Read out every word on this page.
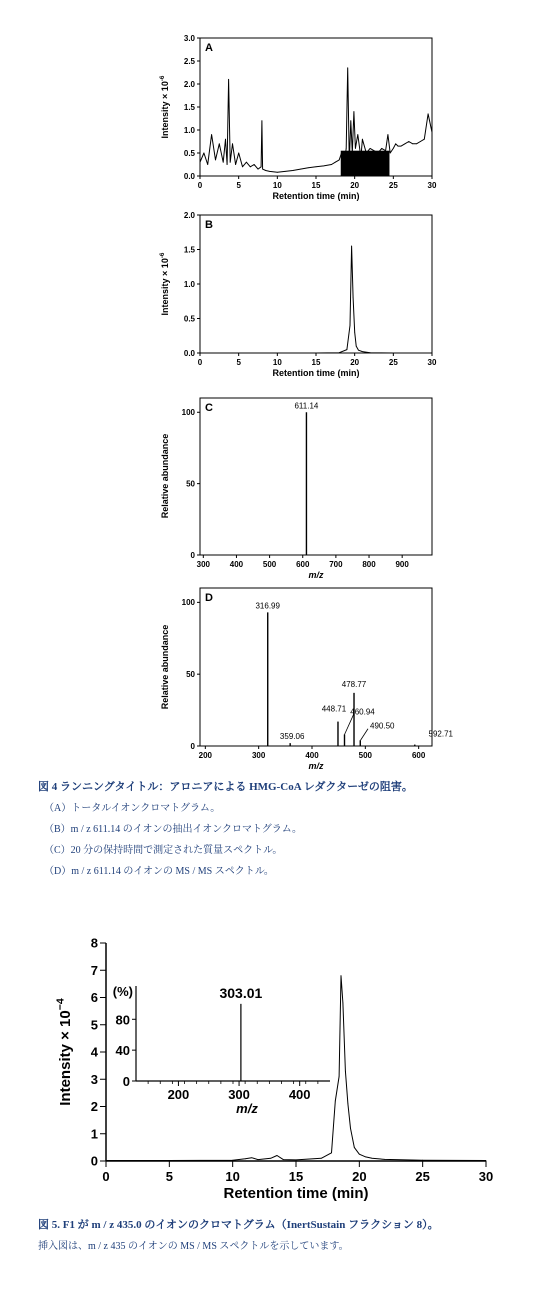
0	5	10	15	20	25	30
0.0
0.5
1.0
1.5
2.0
2.5
3.0
Retention time (min)
Intensity × $10^{-6}$
A
0	5	10	15	20	25	30
0.0
0.5
1.0
1.5
2.0
Retention time (min)
Intensity × $10^{-6}$
B
300 400 500 600 700 800 900
0
50
100
m/z
Relative abundance
C	611.14
200	300	400	500	600
0
50
100
m/z
Relative abundance
D
316.99
359.06
448.71
478.77
460.94
490.50
592.71
0	5	10	15	20	25	30
0
1
2
3
4
5
6
7
8
Retention time (min)
Intensity × $10^{-4}$
(%)
0
40
80
200	300	400
m/z
303.01
図 4 ランニングタイトル：アロニアによる HMG-CoA レダクターゼの阻害。
（A）トータルイオンクロマトグラム。
（B）m / z 611.14 のイオンの抽出イオンクロマトグラム。
（C）20 分の保持時間で測定された質量スペクトル。
（D）m / z 611.14 のイオンの MS / MS スペクトル。
図 5. F1 が m / z 435.0 のイオンのクロマトグラム（InertSustain フラクション 8）。
挿入図は、m / z 435 のイオンの MS / MS スペクトルを示しています。
